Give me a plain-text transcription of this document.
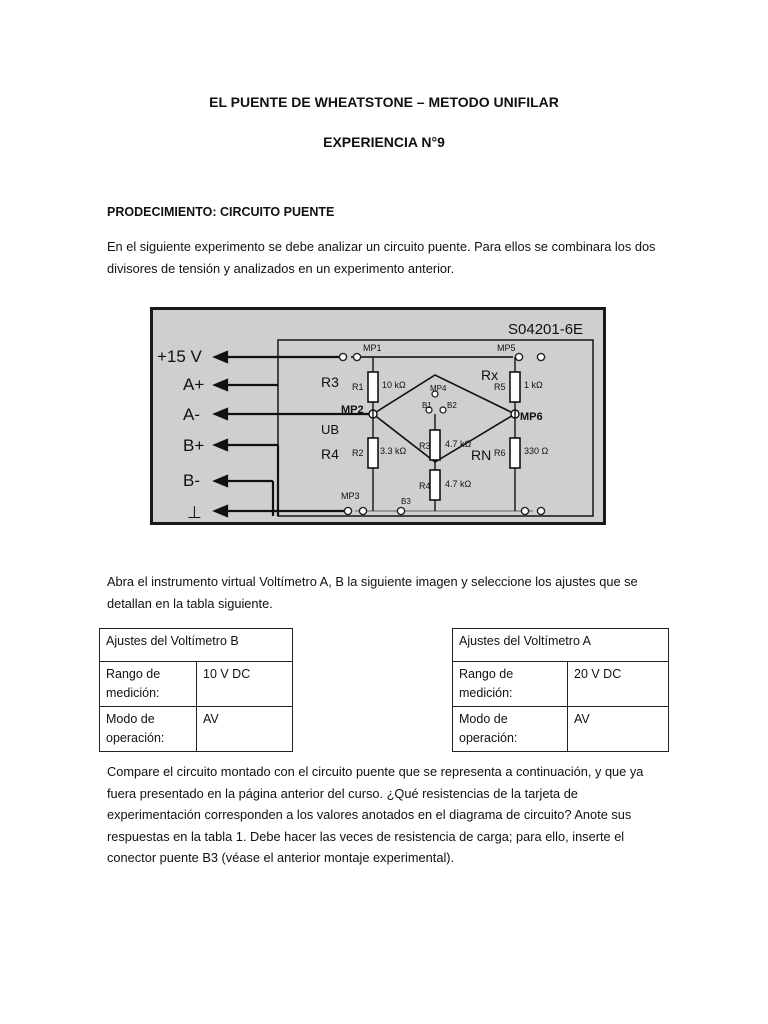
EL PUENTE DE WHEATSTONE – METODO UNIFILAR
EXPERIENCIA N°9
PRODECIMIENTO: CIRCUITO PUENTE
En el siguiente experimento se debe analizar un circuito puente. Para ellos se combinara los dos divisores de tensión y analizados en un experimento anterior.
S04201-6E
+15 V
A+
A-
B+
B-
⊥
MP1	MP5
MP3
B3
MP2
MP6
MP4
B1 B2
R1 10 kΩ
R3
R2 3.3 kΩ
R4
UB
R3 4.7 kΩ
R4 4.7 kΩ
R5 1 kΩ
Rx
R6 330 Ω
RN
Abra el instrumento virtual Voltímetro A, B la siguiente imagen y seleccione los ajustes que se detallan en la tabla siguiente.
Ajustes del Voltímetro B	
Rango de medición:	10 V DC
Modo de operación:	AV
Ajustes del Voltímetro A	
Rango de medición:	20 V DC
Modo de operación:	AV
Compare el circuito montado con el circuito puente que se representa a continuación, y que ya fuera presentado en la página anterior del curso. ¿Qué resistencias de la tarjeta de experimentación corresponden a los valores anotados en el diagrama de circuito? Anote sus respuestas en la tabla 1. Debe hacer las veces de resistencia de carga; para ello, inserte el conector puente B3 (véase el anterior montaje experimental).
